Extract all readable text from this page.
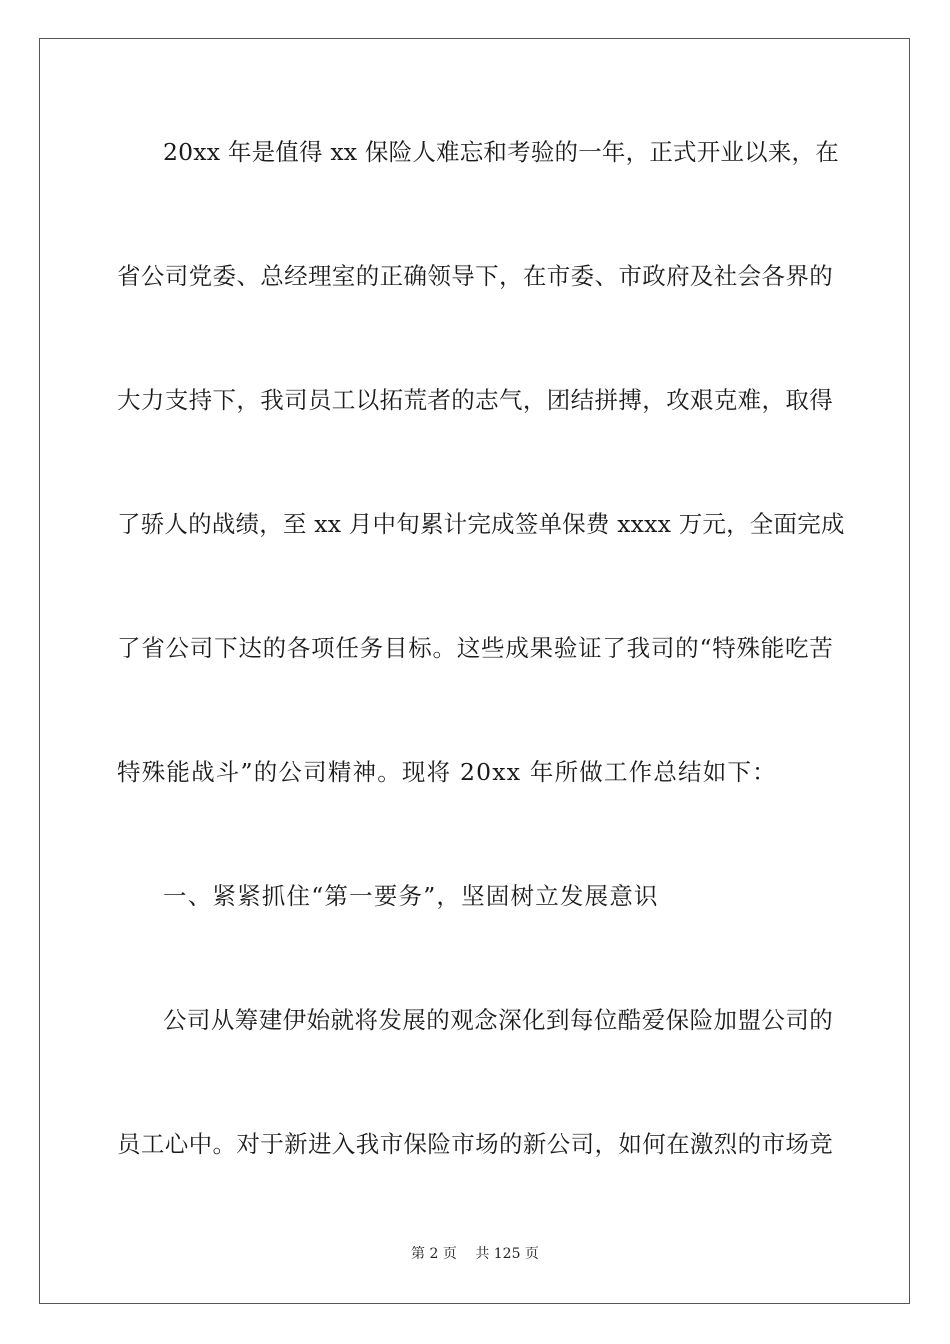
20xx 年是值得 xx 保险人难忘和考验的一年，正式开业以来，在
省公司党委、总经理室的正确领导下，在市委、市政府及社会各界的
大力支持下，我司员工以拓荒者的志气，团结拼搏，攻艰克难，取得
了骄人的战绩，至 xx 月中旬累计完成签单保费 xxxx 万元，全面完成
了省公司下达的各项任务目标。这些成果验证了我司的“特殊能吃苦
特殊能战斗”的公司精神。现将 20xx 年所做工作总结如下：
一、紧紧抓住“第一要务”，坚固树立发展意识
公司从筹建伊始就将发展的观念深化到每位酷爱保险加盟公司的
员工心中。对于新进入我市保险市场的新公司，如何在激烈的市场竞
第 2 页 共 125 页
